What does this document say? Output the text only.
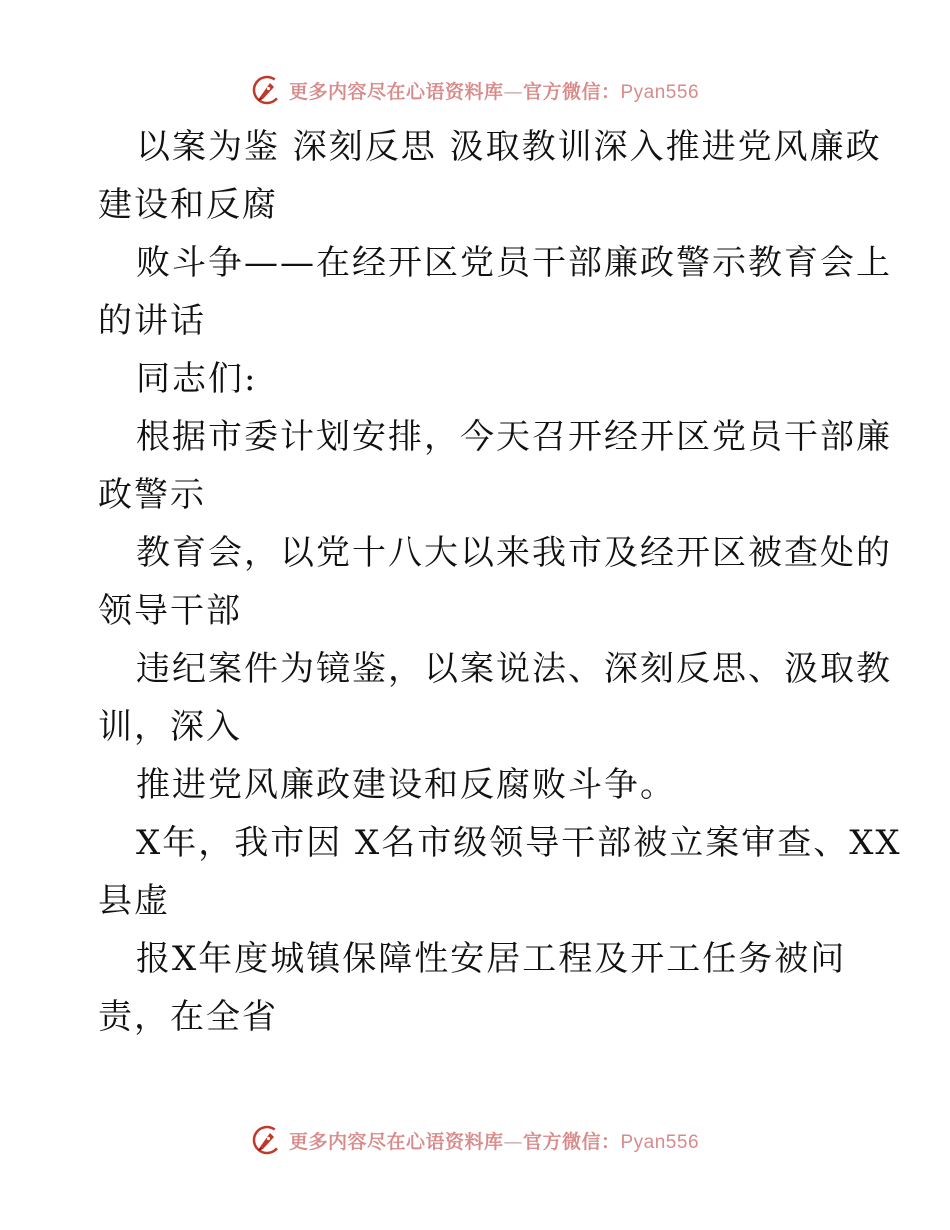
更多内容尽在心语资料库—官方微信：Pyan556

以案为鉴 深刻反思 汲取教训深入推进党风廉政

建设和反腐

败斗争——在经开区党员干部廉政警示教育会上

的讲话

同志们:

根据市委计划安排，今天召开经开区党员干部廉

政警示

教育会，以党十八大以来我市及经开区被查处的

领导干部

违纪案件为镜鉴，以案说法、深刻反思、汲取教

训，深入

推进党风廉政建设和反腐败斗争。

X年，我市因 X名市级领导干部被立案审查、XX

县虚

报X年度城镇保障性安居工程及开工任务被问

责，在全省

更多内容尽在心语资料库—官方微信：Pyan556
